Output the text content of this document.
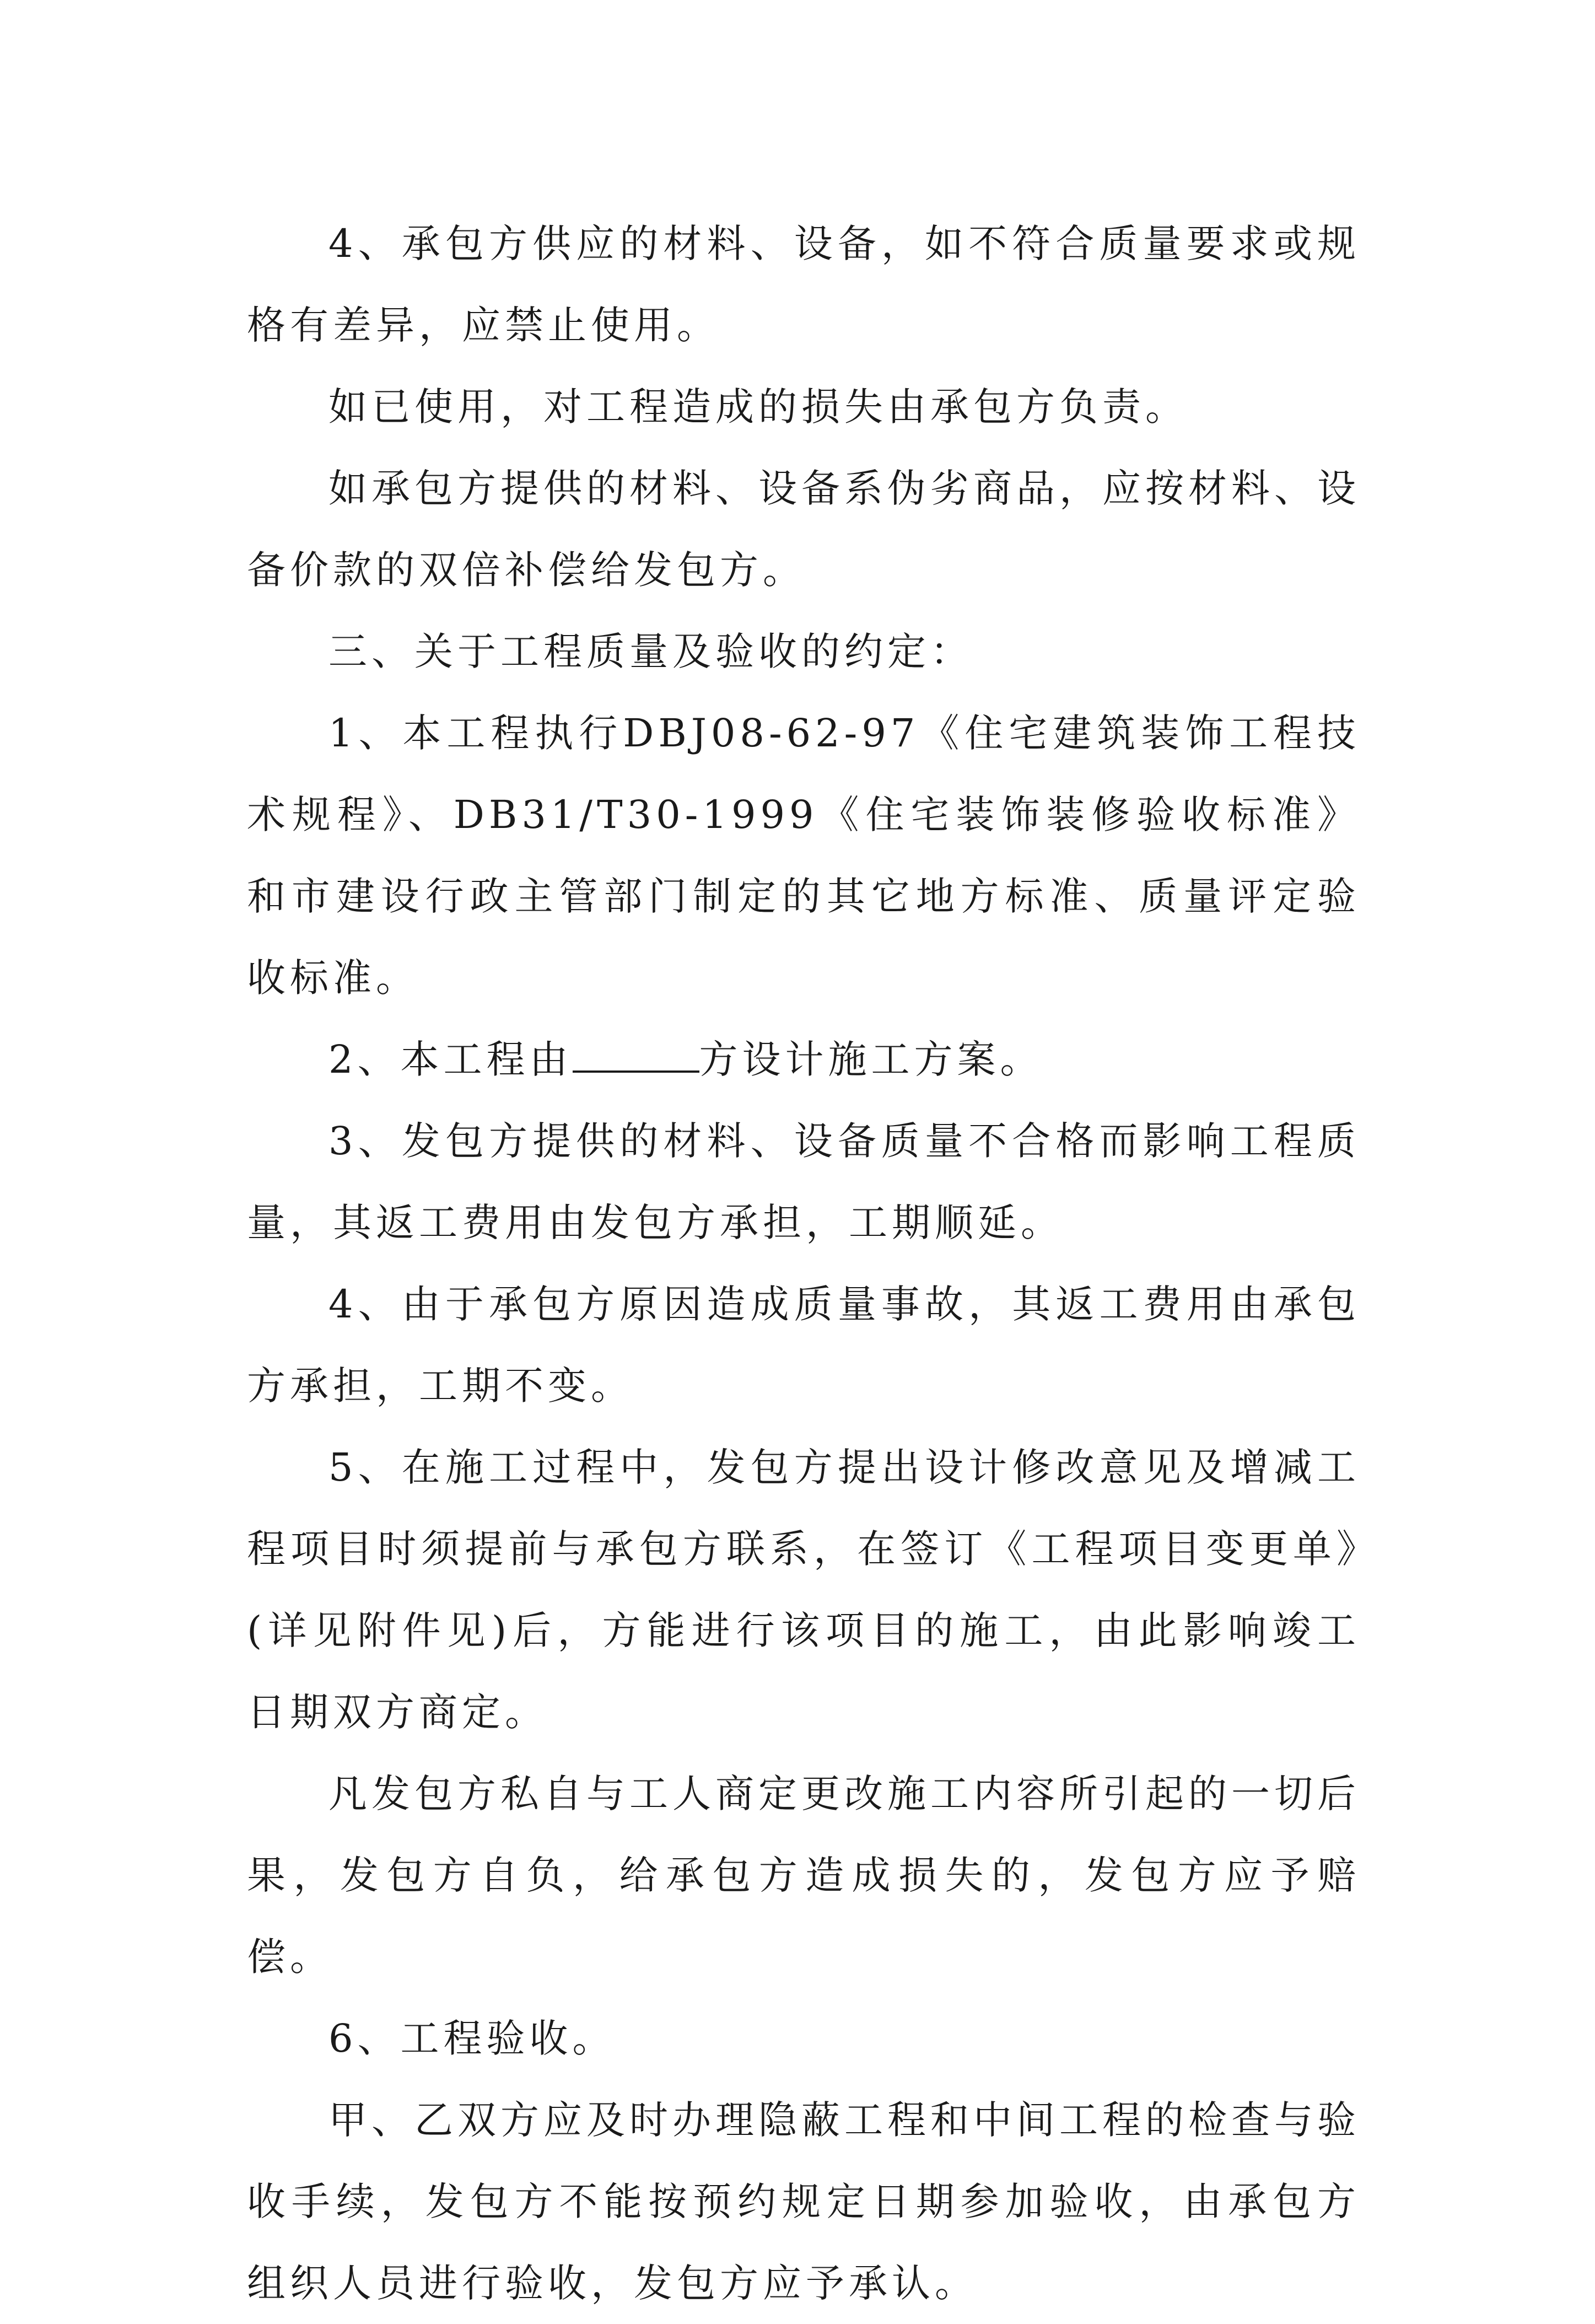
4、承包方供应的材料、设备，如不符合质量要求或规格有差异，应禁止使用。

如已使用，对工程造成的损失由承包方负责。

如承包方提供的材料、设备系伪劣商品，应按材料、设备价款的双倍补偿给发包方。

三、关于工程质量及验收的约定：

1、本工程执行DBJ08-62-97《住宅建筑装饰工程技术规程》、DB31/T30-1999《住宅装饰装修验收标准》和市建设行政主管部门制定的其它地方标准、质量评定验收标准。

2、本工程由	方设计施工方案。

3、发包方提供的材料、设备质量不合格而影响工程质量，其返工费用由发包方承担，工期顺延。

4、由于承包方原因造成质量事故，其返工费用由承包方承担，工期不变。

5、在施工过程中，发包方提出设计修改意见及增减工程项目时须提前与承包方联系，在签订《工程项目变更单》(详见附件见)后，方能进行该项目的施工，由此影响竣工日期双方商定。

凡发包方私自与工人商定更改施工内容所引起的一切后果，发包方自负，给承包方造成损失的，发包方应予赔偿。

6、工程验收。

甲、乙双方应及时办理隐蔽工程和中间工程的检查与验收手续，发包方不能按预约规定日期参加验收，由承包方组织人员进行验收，发包方应予承认。
